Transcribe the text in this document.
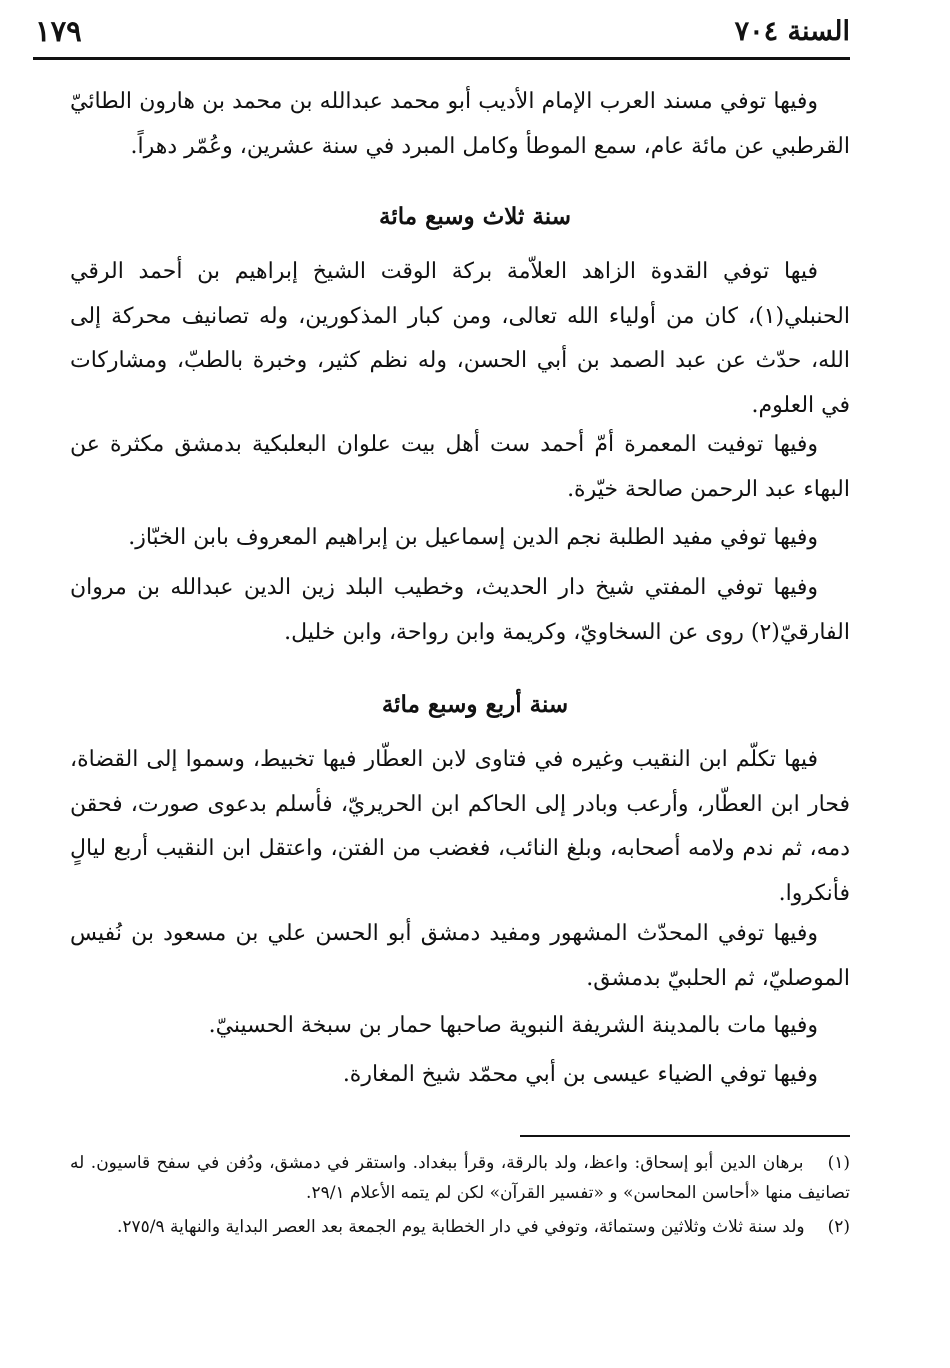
السنة ٧٠٤
١٧٩
وفيها توفي مسند العرب الإمام الأديب أبو محمد عبدالله بن محمد بن هارون الطائيّ القرطبي عن مائة عام، سمع الموطأ وكامل المبرد في سنة عشرين، وعُمّر دهراً.
سنة ثلاث وسبع مائة
فيها توفي القدوة الزاهد العلاّمة بركة الوقت الشيخ إبراهيم بن أحمد الرقي الحنبلي(١)، كان من أولياء الله تعالى، ومن كبار المذكورين، وله تصانيف محركة إلى الله، حدّث عن عبد الصمد بن أبي الحسن، وله نظم كثير، وخبرة بالطبّ، ومشاركات في العلوم.
وفيها توفيت المعمرة أمّ أحمد ست أهل بيت علوان البعلبكية بدمشق مكثرة عن البهاء عبد الرحمن صالحة خيّرة.
وفيها توفي مفيد الطلبة نجم الدين إسماعيل بن إبراهيم المعروف بابن الخبّاز.
وفيها توفي المفتي شيخ دار الحديث، وخطيب البلد زين الدين عبدالله بن مروان الفارقيّ(٢) روى عن السخاويّ، وكريمة وابن رواحة، وابن خليل.
سنة أربع وسبع مائة
فيها تكلّم ابن النقيب وغيره في فتاوى لابن العطّار فيها تخبيط، وسموا إلى القضاة، فحار ابن العطّار، وأرعب وبادر إلى الحاكم ابن الحريريّ، فأسلم بدعوى صورت، فحقن دمه، ثم ندم ولامه أصحابه، وبلغ النائب، فغضب من الفتن، واعتقل ابن النقيب أربع ليالٍ فأنكروا.
وفيها توفي المحدّث المشهور ومفيد دمشق أبو الحسن علي بن مسعود بن نُفيس الموصليّ، ثم الحلبيّ بدمشق.
وفيها مات بالمدينة الشريفة النبوية صاحبها حمار بن سبخة الحسينيّ.
وفيها توفي الضياء عيسى بن أبي محمّد شيخ المغارة.
(١) برهان الدين أبو إسحاق: واعظ، ولد بالرقة، وقرأ ببغداد. واستقر في دمشق، ودُفن في سفح قاسيون. له تصانيف منها «أحاسن المحاسن» و «تفسير القرآن» لكن لم يتمه الأعلام ٢٩/١.
(٢) ولد سنة ثلاث وثلاثين وستمائة، وتوفي في دار الخطابة يوم الجمعة بعد العصر البداية والنهاية ٢٧٥/٩.
